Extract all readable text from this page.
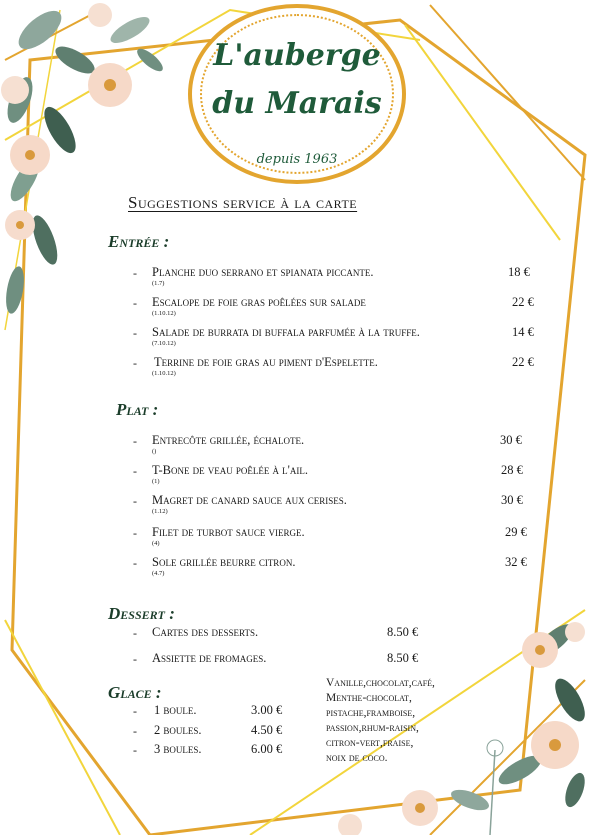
L'auberge
du Marais
depuis 1963
Suggestions service à la carte
Entrée :
- Planche duo serrano et spianata piccante.
(1.7)
18 €
- Escalope de foie gras poêlées sur salade
(1.10.12)
22 €
- Salade de burrata di buffala parfumée à la truffe.
(7.10.12)
14 €
- Terrine de foie gras au piment d'Espelette.
(1.10.12)
22 €
Plat :
- Entrecôte grillée, échalote.
()
30 €
- T-Bone de veau poêlée à l'ail.
(1)
28 €
- Magret de canard sauce aux cerises.
(1.12)
30 €
- Filet de turbot sauce vierge.
(4)
29 €
- Sole grillée beurre citron.
(4.7)
32 €
Dessert :
- Cartes des desserts.	8.50 €
- Assiette de fromages.	8.50 €
Glace :
- 1 boule.	3.00 €
- 2 boules.	4.50 €
- 3 boules.	6.00 €
Vanille,chocolat,café,
Menthe-chocolat,
pistache,framboise,
passion,rhum-raisin,
citron-vert,fraise,
noix de coco.
